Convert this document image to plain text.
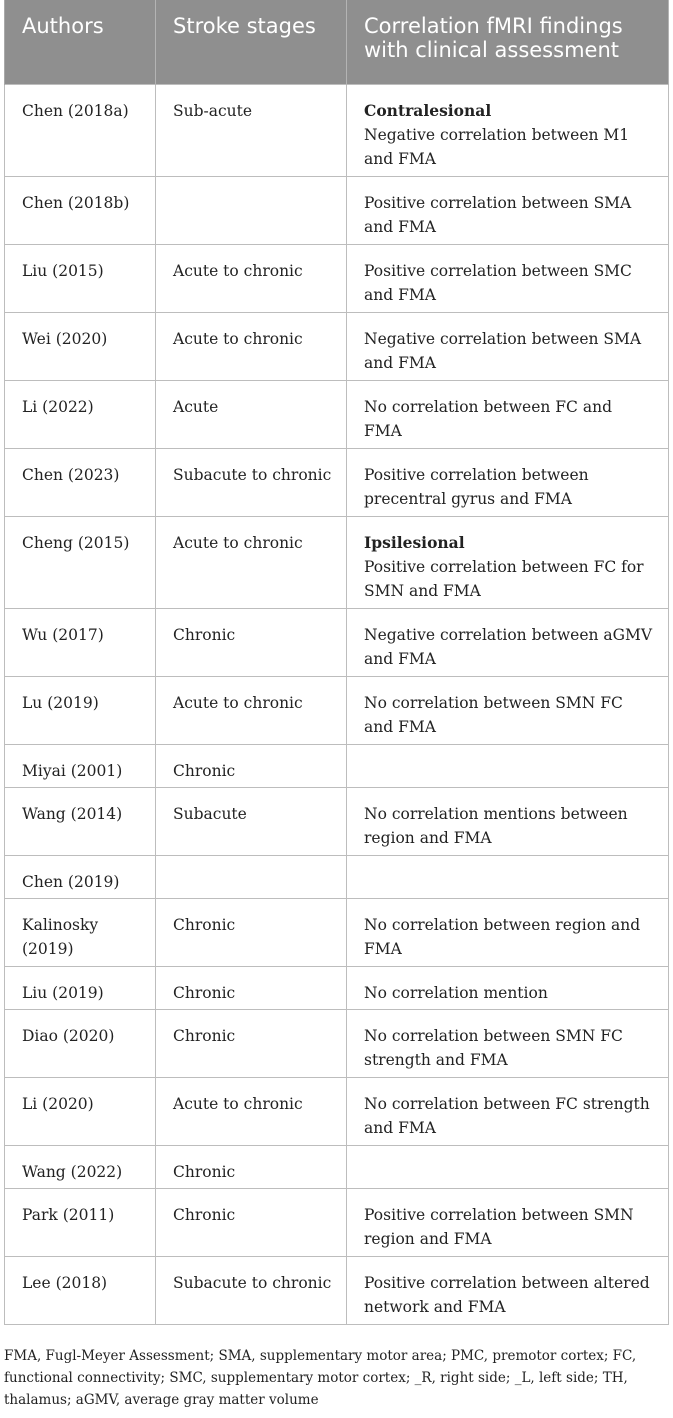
Authors	Stroke stages	Correlation fMRI findings with clinical assessment
Chen (2018a)	Sub-acute	Contralesional
Negative correlation between M1 and FMA

Chen (2018b)		Positive correlation between SMA and FMA
Liu (2015)	Acute to chronic	Positive correlation between SMC and FMA
Wei (2020)	Acute to chronic	Negative correlation between SMA and FMA
Li (2022)	Acute	No correlation between FC and FMA
Chen (2023)	Subacute to chronic	Positive correlation between precentral gyrus and FMA
Cheng (2015)	Acute to chronic	Ipsilesional
Positive correlation between FC for SMN and FMA

Wu (2017)	Chronic	Negative correlation between aGMV and FMA
Lu (2019)	Acute to chronic	No correlation between SMN FC and FMA
Miyai (2001)	Chronic	
Wang (2014)	Subacute	No correlation mentions between region and FMA
Chen (2019)		
Kalinosky (2019)	Chronic	No correlation between region and FMA
Liu (2019)	Chronic	No correlation mention
Diao (2020)	Chronic	No correlation between SMN FC strength and FMA
Li (2020)	Acute to chronic	No correlation between FC strength and FMA
Wang (2022)	Chronic	
Park (2011)	Chronic	Positive correlation between SMN region and FMA
Lee (2018)	Subacute to chronic	Positive correlation between altered network and FMA
FMA, Fugl-Meyer Assessment; SMA, supplementary motor area; PMC, premotor cortex; FC, functional connectivity; SMC, supplementary motor cortex; _R, right side; _L, left side; TH, thalamus; aGMV, average gray matter volume
